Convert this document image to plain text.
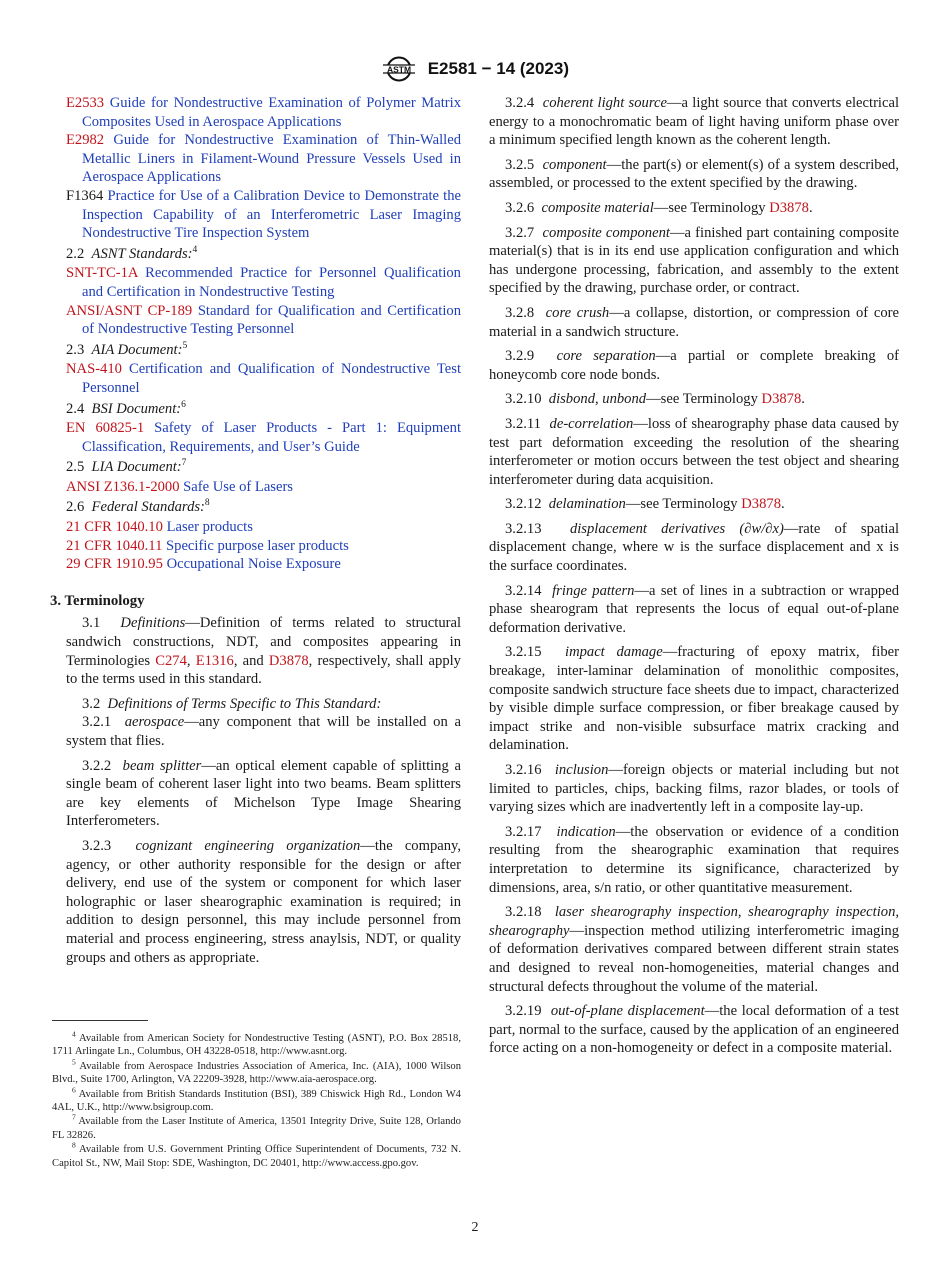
ASTM E2581 − 14 (2023)

E2533 Guide for Nondestructive Examination of Polymer Matrix Composites Used in Aerospace Applications

E2982 Guide for Nondestructive Examination of Thin-Walled Metallic Liners in Filament-Wound Pressure Vessels Used in Aerospace Applications

F1364 Practice for Use of a Calibration Device to Demonstrate the Inspection Capability of an Interferometric Laser Imaging Nondestructive Tire Inspection System

2.2 ASNT Standards:$^4$

SNT-TC-1A Recommended Practice for Personnel Qualification and Certification in Nondestructive Testing

ANSI/ASNT CP-189 Standard for Qualification and Certification of Nondestructive Testing Personnel

2.3 AIA Document:$^5$

NAS-410 Certification and Qualification of Nondestructive Test Personnel

2.4 BSI Document:$^6$

EN 60825-1 Safety of Laser Products - Part 1: Equipment Classification, Requirements, and User’s Guide

2.5 LIA Document:$^7$

ANSI Z136.1-2000 Safe Use of Lasers

2.6 Federal Standards:$^8$

21 CFR 1040.10 Laser products

21 CFR 1040.11 Specific purpose laser products

29 CFR 1910.95 Occupational Noise Exposure

3. Terminology

3.1 Definitions—Definition of terms related to structural sandwich constructions, NDT, and composites appearing in Terminologies C274, E1316, and D3878, respectively, shall apply to the terms used in this standard.

3.2 Definitions of Terms Specific to This Standard:

3.2.1 aerospace—any component that will be installed on a system that flies.

3.2.2 beam splitter—an optical element capable of splitting a single beam of coherent laser light into two beams. Beam splitters are key elements of Michelson Type Image Shearing Interferometers.

3.2.3 cognizant engineering organization—the company, agency, or other authority responsible for the design or after delivery, end use of the system or component for which laser holographic or laser shearographic examination is required; in addition to design personnel, this may include personnel from material and process engineering, stress anaylsis, NDT, or quality groups and others as appropriate.

3.2.4 coherent light source—a light source that converts electrical energy to a monochromatic beam of light having uniform phase over a minimum specified length known as the coherent length.

3.2.5 component—the part(s) or element(s) of a system described, assembled, or processed to the extent specified by the drawing.

3.2.6 composite material—see Terminology D3878.

3.2.7 composite component—a finished part containing composite material(s) that is in its end use application configuration and which has undergone processing, fabrication, and assembly to the extent specified by the drawing, purchase order, or contract.

3.2.8 core crush—a collapse, distortion, or compression of core material in a sandwich structure.

3.2.9 core separation—a partial or complete breaking of honeycomb core node bonds.

3.2.10 disbond, unbond—see Terminology D3878.

3.2.11 de-correlation—loss of shearography phase data caused by test part deformation exceeding the resolution of the shearing interferometer or motion occurs between the test object and shearing interferometer during data acquisition.

3.2.12 delamination—see Terminology D3878.

3.2.13 displacement derivatives (∂w/∂x)—rate of spatial displacement change, where w is the surface displacement and x is the surface coordinates.

3.2.14 fringe pattern—a set of lines in a subtraction or wrapped phase shearogram that represents the locus of equal out-of-plane deformation derivative.

3.2.15 impact damage—fracturing of epoxy matrix, fiber breakage, inter-laminar delamination of monolithic composites, composite sandwich structure face sheets due to impact, characterized by visible dimple surface compression, or fiber breakage caused by impact strike and non-visible subsurface matrix cracking and delamination.

3.2.16 inclusion—foreign objects or material including but not limited to particles, chips, backing films, razor blades, or tools of varying sizes which are inadvertently left in a composite lay-up.

3.2.17 indication—the observation or evidence of a condition resulting from the shearographic examination that requires interpretation to determine its significance, characterized by dimensions, area, s/n ratio, or other quantitative measurement.

3.2.18 laser shearography inspection, shearography inspection, shearography—inspection method utilizing interferometric imaging of deformation derivatives compared between different strain states and designed to reveal non-homogeneities, material changes and structural defects throughout the volume of the material.

3.2.19 out-of-plane displacement—the local deformation of a test part, normal to the surface, caused by the application of an engineered force acting on a non-homogeneity or defect in a composite material.

$^4$ Available from American Society for Nondestructive Testing (ASNT), P.O. Box 28518, 1711 Arlingate Ln., Columbus, OH 43228-0518, http://www.asnt.org.

$^5$ Available from Aerospace Industries Association of America, Inc. (AIA), 1000 Wilson Blvd., Suite 1700, Arlington, VA 22209-3928, http://www.aia-aerospace.org.

$^6$ Available from British Standards Institution (BSI), 389 Chiswick High Rd., London W4 4AL, U.K., http://www.bsigroup.com.

$^7$ Available from the Laser Institute of America, 13501 Integrity Drive, Suite 128, Orlando FL 32826.

$^8$ Available from U.S. Government Printing Office Superintendent of Documents, 732 N. Capitol St., NW, Mail Stop: SDE, Washington, DC 20401, http://www.access.gpo.gov.

2
